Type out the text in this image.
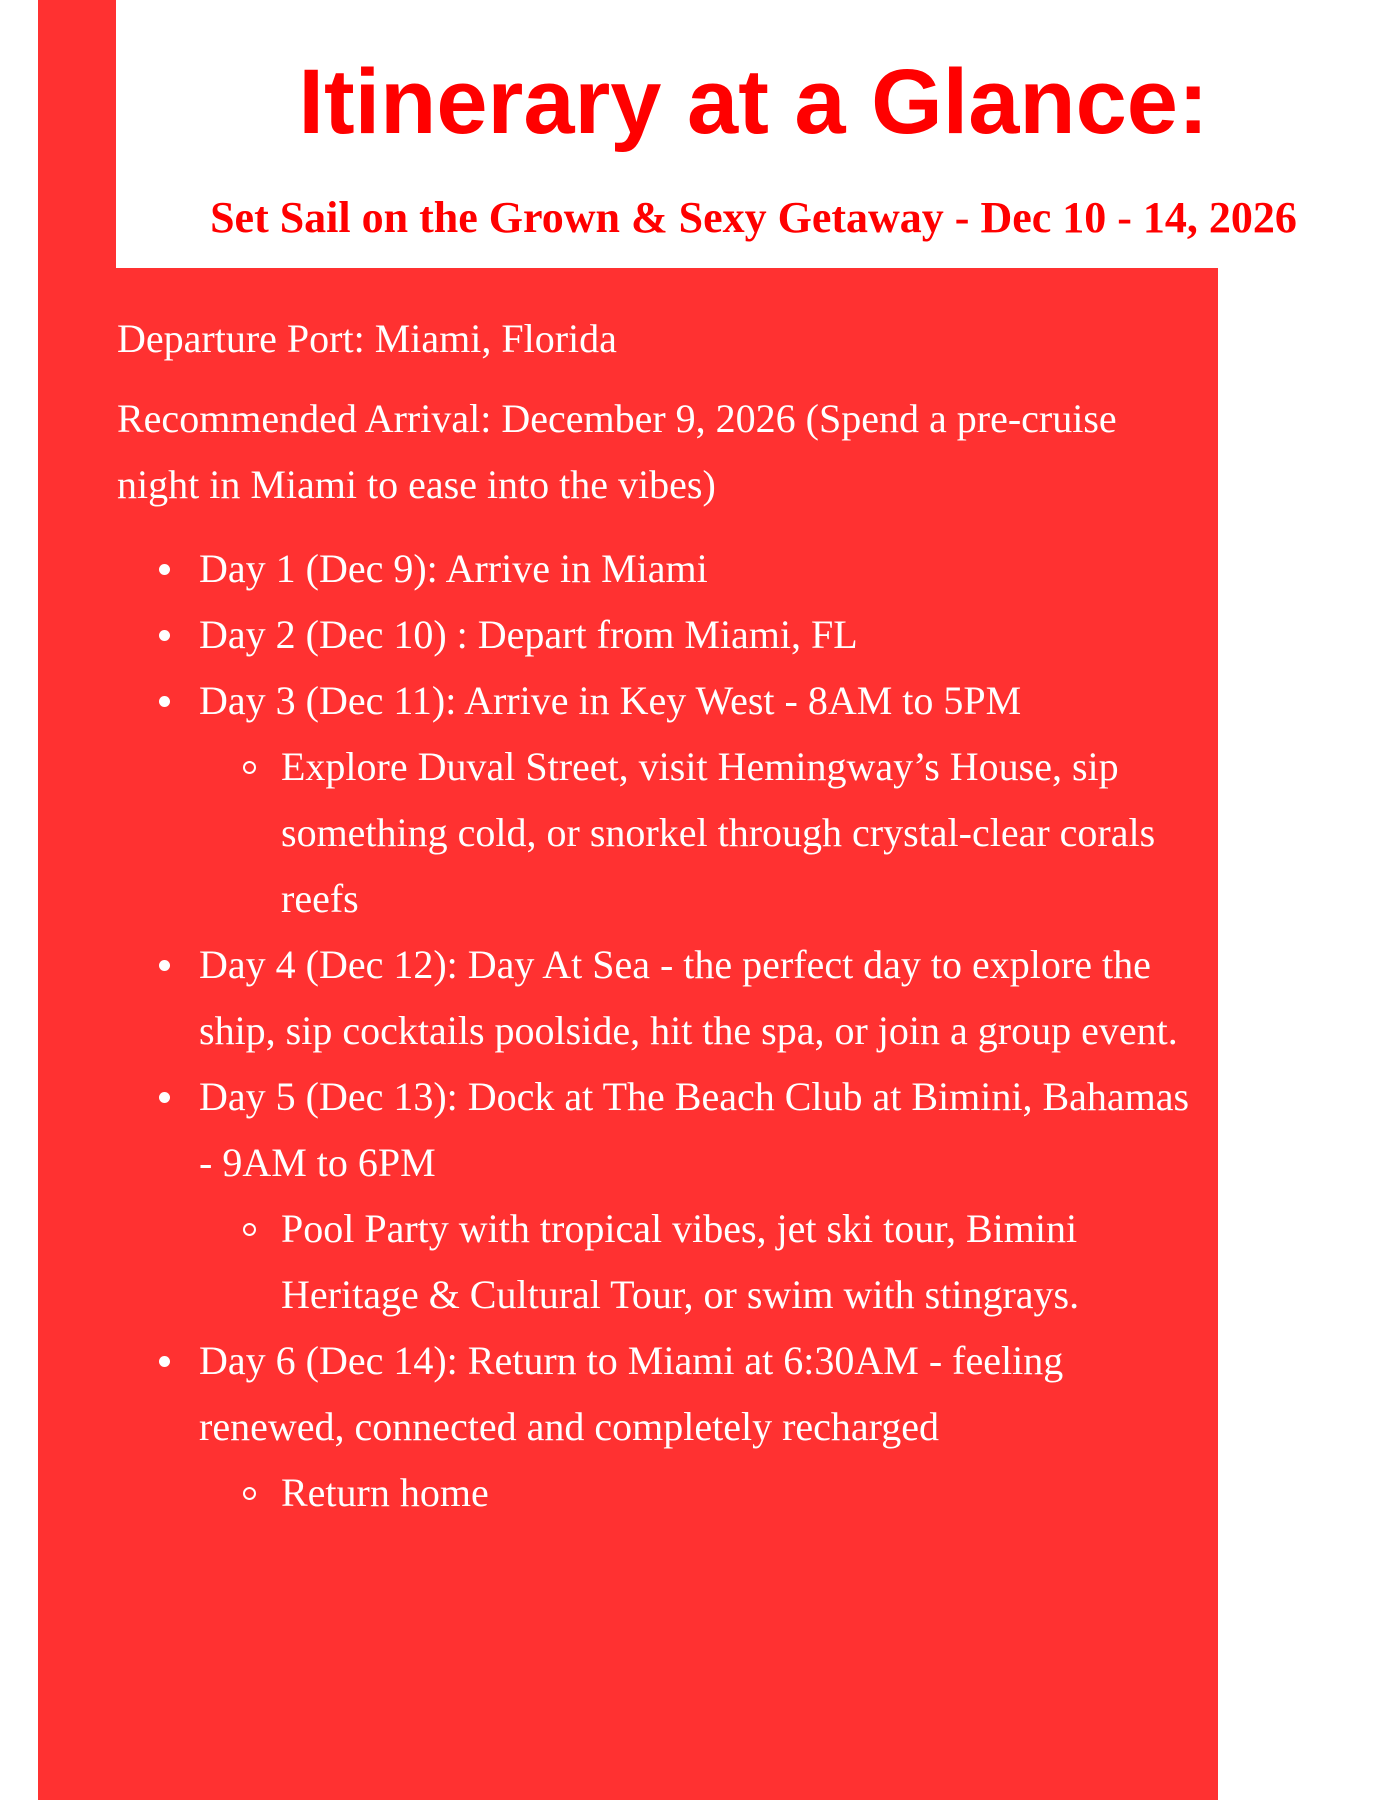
Itinerary at a Glance:
Set Sail on the Grown & Sexy Getaway - Dec 10 - 14, 2026

Departure Port: Miami, Florida

Recommended Arrival: December 9, 2026 (Spend a pre-cruise night in Miami to ease into the vibes)

Day 1 (Dec 9): Arrive in Miami
Day 2 (Dec 10) : Depart from Miami, FL
Day 3 (Dec 11): Arrive in Key West - 8AM to 5PM
Explore Duval Street, visit Hemingway’s House, sip something cold, or snorkel through crystal-clear corals reefs
Day 4 (Dec 12): Day At Sea - the perfect day to explore the ship, sip cocktails poolside, hit the spa, or join a group event.
Day 5 (Dec 13): Dock at The Beach Club at Bimini, Bahamas - 9AM to 6PM
Pool Party with tropical vibes, jet ski tour, Bimini Heritage & Cultural Tour, or swim with stingrays.
Day 6 (Dec 14): Return to Miami at 6:30AM - feeling renewed, connected and completely recharged
Return home
